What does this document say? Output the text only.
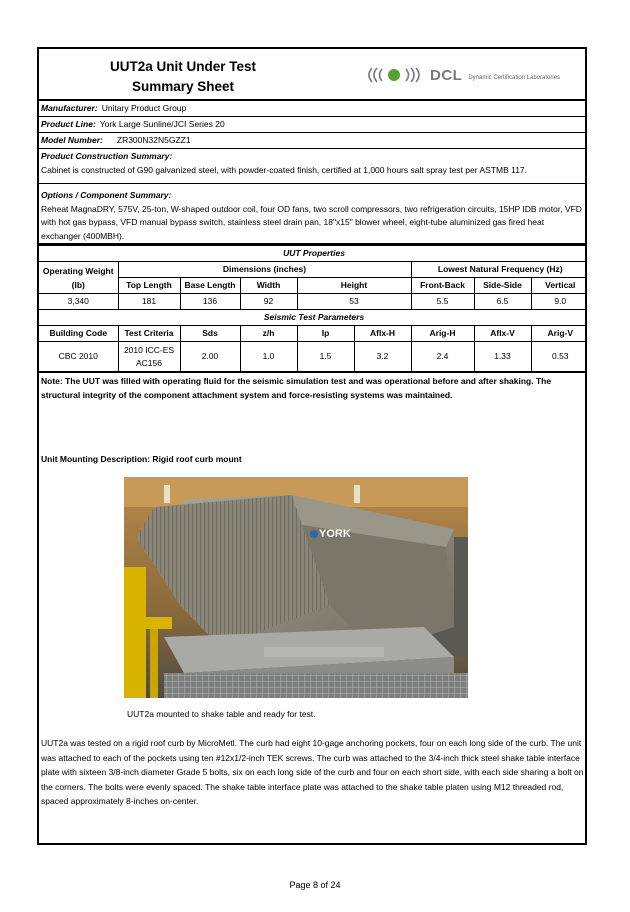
UUT2a Unit Under Test
Summary Sheet
DCL Dynamic Certification Laboratories
Manufacturer: Unitary Product Group
Product Line: York Large Sunline/JCI Series 20
Model Number: ZR300N32N5GZZ1
Product Construction Summary:
Cabinet is constructed of G90 galvanized steel, with powder-coated finish, certified at 1,000 hours salt spray test per ASTMB 117.
Options / Component Summary:
Reheat MagnaDRY, 575V, 25-ton, W-shaped outdoor coil, four OD fans, two scroll compressors, two refrigeration circuits, 15HP IDB motor, VFD with hot gas bypass, VFD manual bypass switch, stainless steel drain pan, 18"x15" blower wheel, eight-tube aluminized gas fired heat exchanger (400MBH).
UUT Properties								

Operating Weight
(lb)	Dimensions (inches)					Lowest Natural Frequency (Hz)		
	Top Length	Base Length	Width	Height		Front-Back	Side-Side	Vertical
3,340	181	136	92	53		5.5	6.5	9.0
Seismic Test Parameters								
Building Code	Test Criteria	Sds	z/h	Ip	Aflx-H	Arig-H	Aflx-V	Arig-V
CBC 2010	2010 ICC-ES
AC156	2.00	1.0	1.5	3.2	2.4	1.33	0.53
Note: The UUT was filled with operating fluid for the seismic simulation test and was operational before and after shaking. The structural integrity of the component attachment system and force-resisting systems was maintained.
Unit Mounting Description: Rigid roof curb mount
YORK
UUT2a mounted to shake table and ready for test.
UUT2a was tested on a rigid roof curb by MicroMetl. The curb had eight 10-gage anchoring pockets, four on each long side of the curb. The unit was attached to each of the pockets using ten #12x1/2-inch TEK screws. The curb was attached to the 3/4-inch thick steel shake table interface plate with sixteen 3/8-inch diameter Grade 5 bolts, six on each long side of the curb and four on each short side, with each side sharing a bolt on the corners. The bolts were evenly spaced. The shake table interface plate was attached to the shake table platen using M12 threaded rod, spaced approximately 8-inches on-center.
Page 8 of 24
